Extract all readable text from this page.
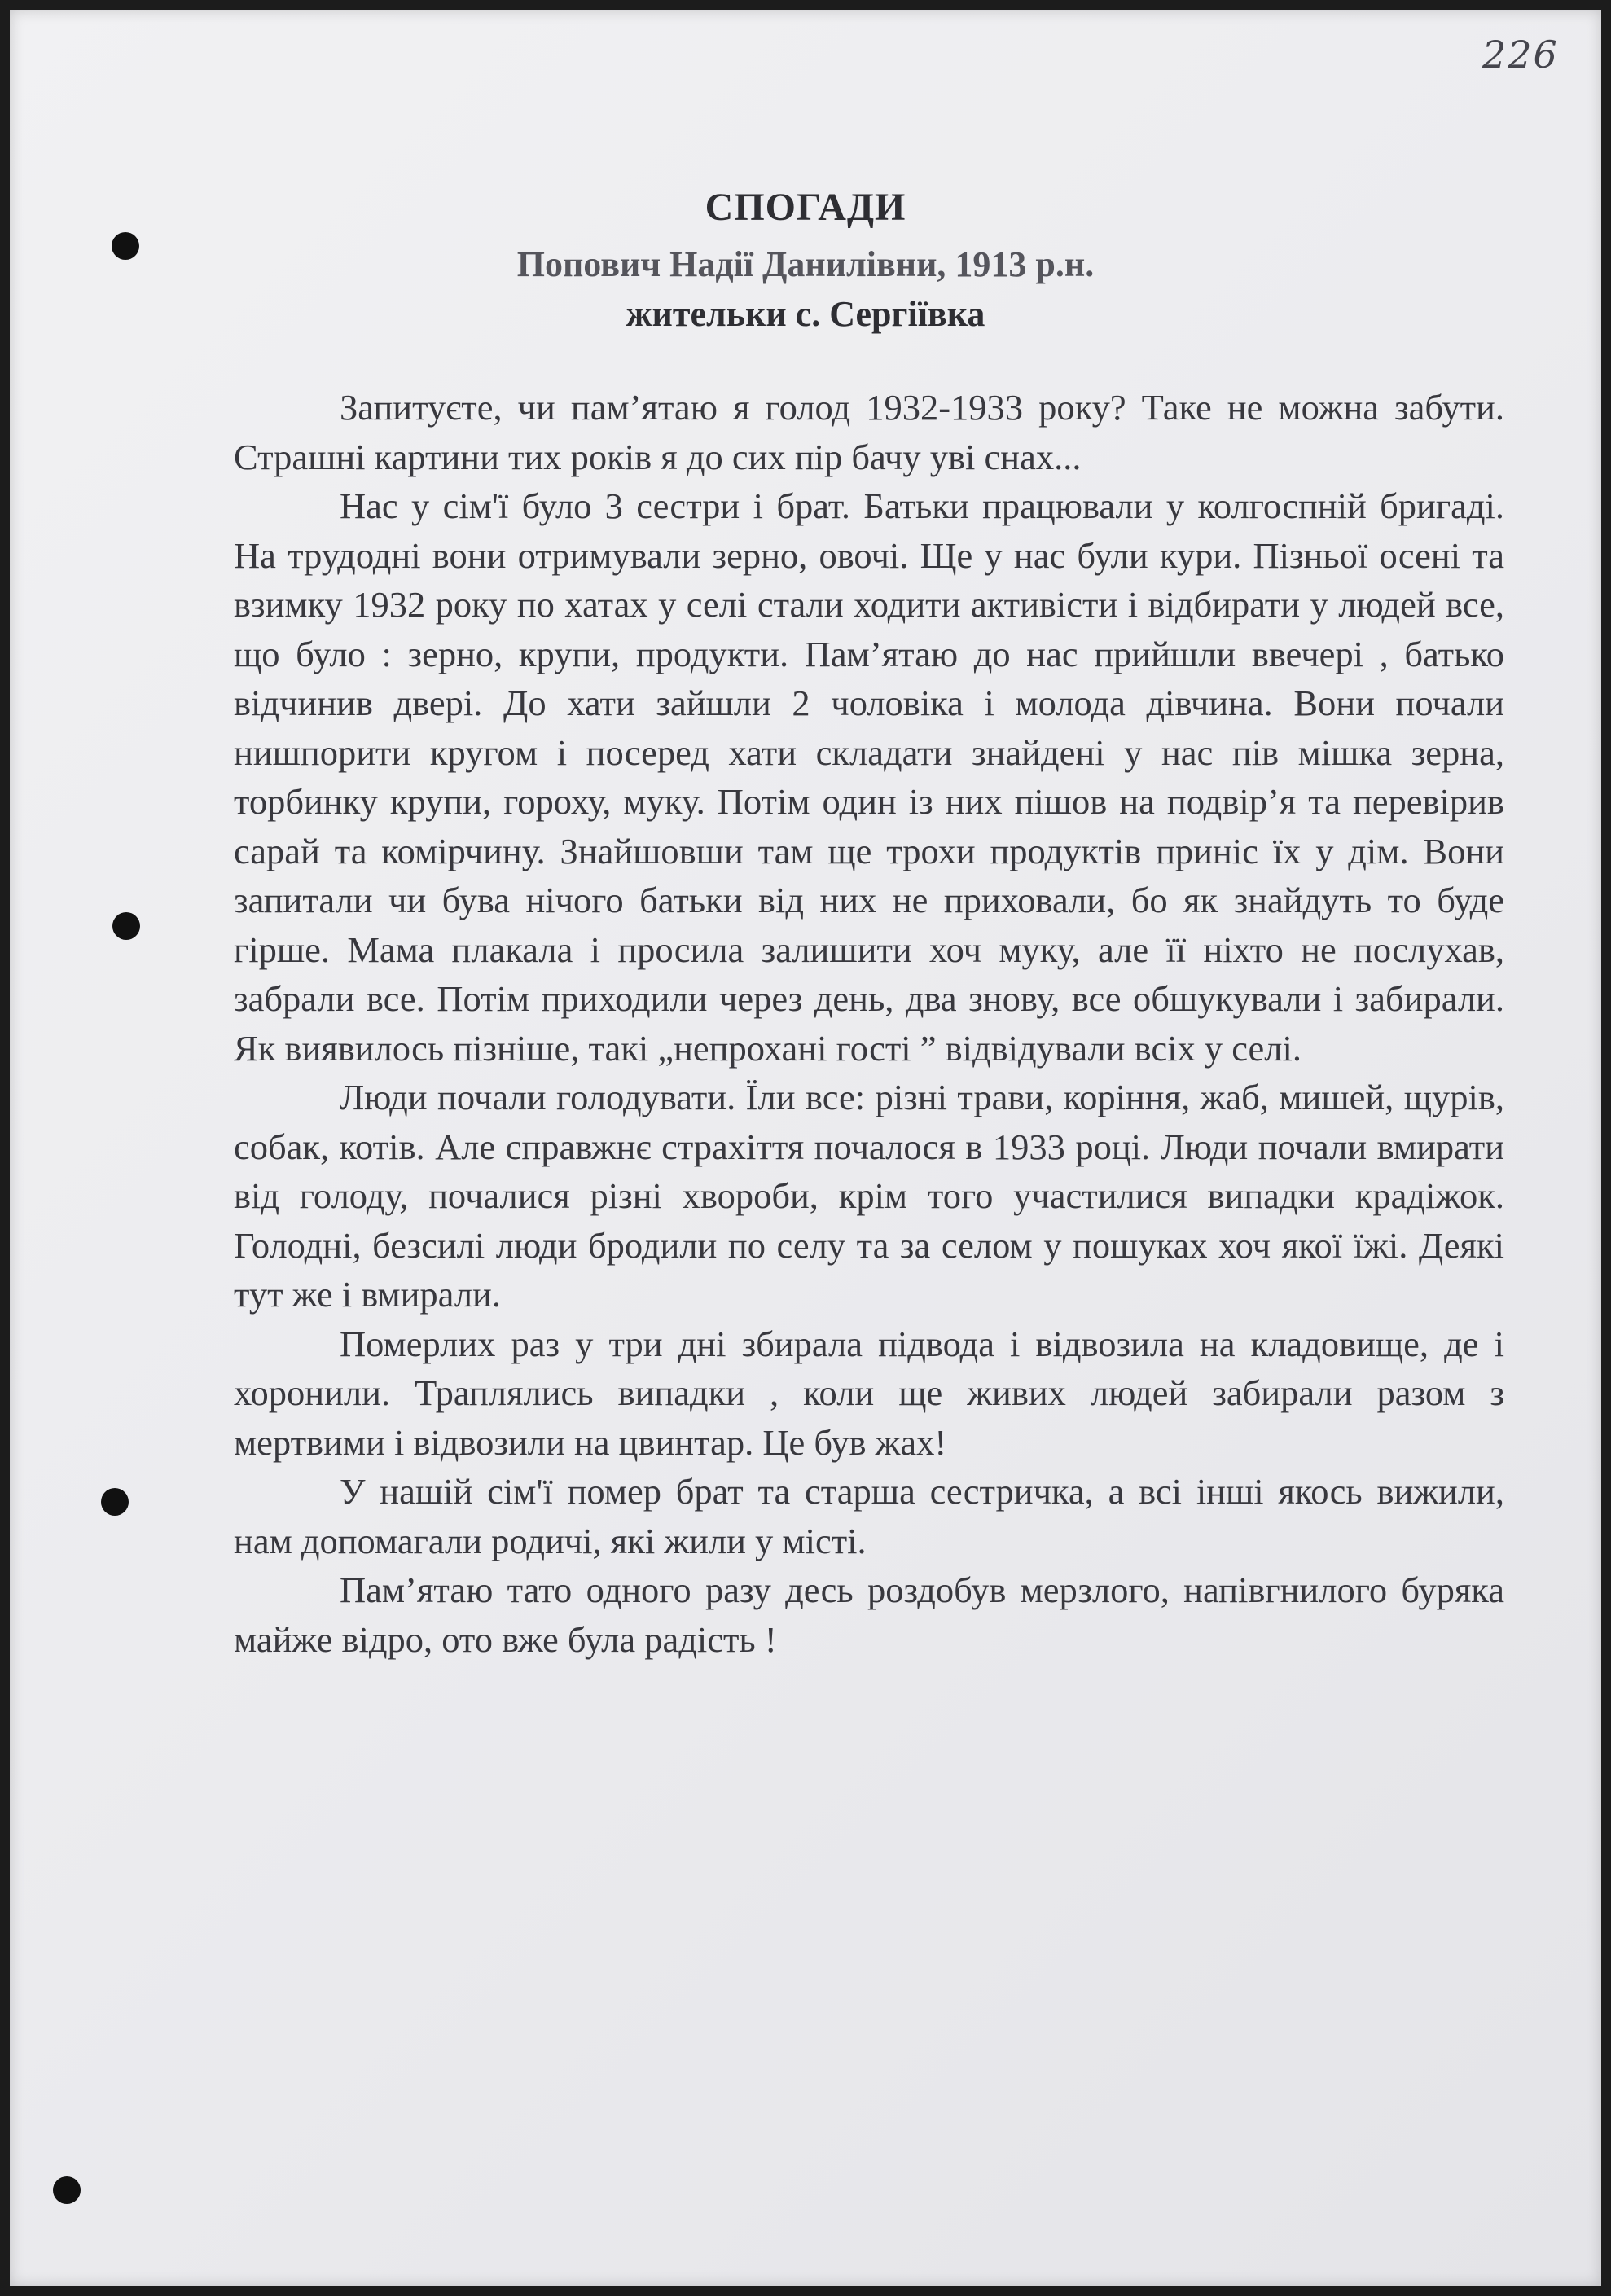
226
СПОГАДИ
Попович Надії Данилівни, 1913 р.н.
жительки с. Сергіївка

Запитуєте, чи пам’ятаю я голод 1932-1933 року? Таке не можна забути. Страшні картини тих років я до сих пір бачу уві снах...

Нас у сім'ї було 3 сестри і брат. Батьки працювали у колгоспній бригаді. На трудодні вони отримували зерно, овочі. Ще у нас були кури. Пізньої осені та взимку 1932 року по хатах у селі стали ходити активісти і відбирати у людей все, що було : зерно, крупи, продукти. Пам’ятаю до нас прийшли ввечері , батько відчинив двері. До хати зайшли 2 чоловіка і молода дівчина. Вони почали нишпорити кругом і посеред хати складати знайдені у нас пів мішка зерна, торбинку крупи, гороху, муку. Потім один із них пішов на подвір’я та перевірив сарай та комірчину. Знайшовши там ще трохи продуктів приніс їх у дім. Вони запитали чи бува нічого батьки від них не приховали, бо як знайдуть то буде гірше. Мама плакала і просила залишити хоч муку, але її ніхто не послухав, забрали все. Потім приходили через день, два знову, все обшукували і забирали. Як виявилось пізніше, такі „непрохані гості ” відвідували всіх у селі.

Люди почали голодувати. Їли все: різні трави, коріння, жаб, мишей, щурів, собак, котів. Але справжнє страхіття почалося в 1933 році. Люди почали вмирати від голоду, почалися різні хвороби, крім того участилися випадки крадіжок. Голодні, безсилі люди бродили по селу та за селом у пошуках хоч якої їжі. Деякі тут же і вмирали.

Померлих раз у три дні збирала підвода і відвозила на кладовище, де і хоронили. Траплялись випадки , коли ще живих людей забирали разом з мертвими і відвозили на цвинтар. Це був жах!

У нашій сім'ї помер брат та старша сестричка, а всі інші якось вижили, нам допомагали родичі, які жили у місті.

Пам’ятаю тато одного разу десь роздобув мерзлого, напівгнилого буряка майже відро, ото вже була радість !
